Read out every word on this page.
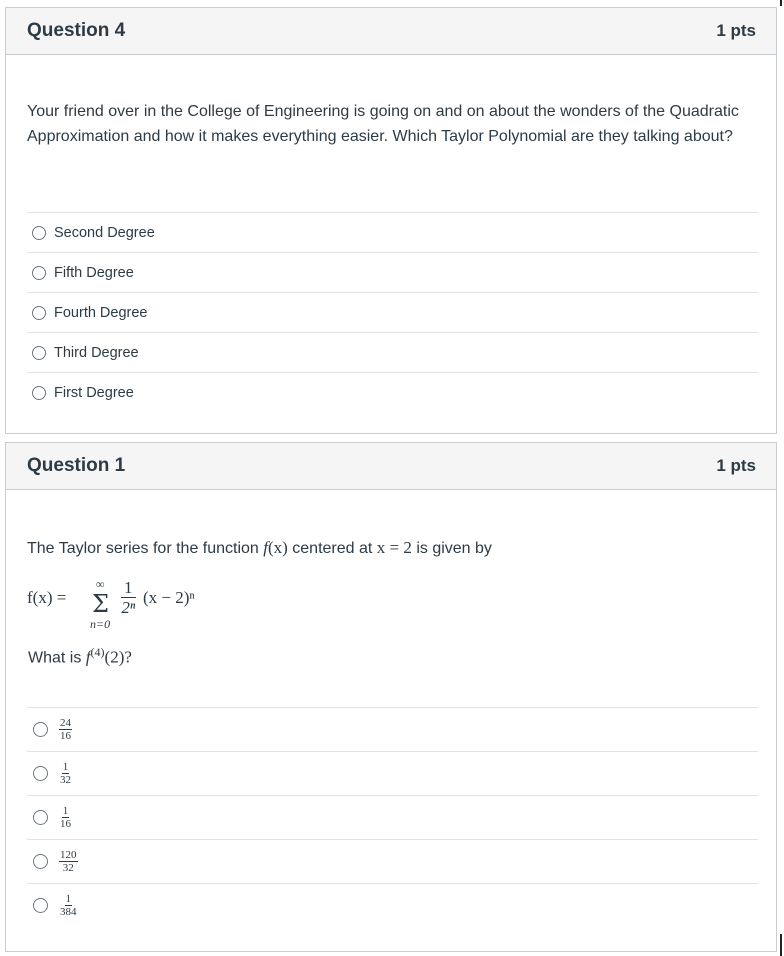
Question 4	1 pts
Your friend over in the College of Engineering is going on and on about the wonders of the Quadratic Approximation and how it makes everything easier. Which Taylor Polynomial are they talking about?
Second Degree
Fifth Degree
Fourth Degree
Third Degree
First Degree
Question 1	1 pts
The Taylor series for the function f(x) centered at x = 2 is given by
f(x) =
∞
Σ
n=0
$\frac{1}{\text{2ⁿ}} (x - 2)^n$
What is $f^{(4)}(2)$?
$\frac{24}{16}$
$\frac{1}{32}$
$\frac{1}{16}$
$\frac{120}{32}$
$\frac{1}{384}$
